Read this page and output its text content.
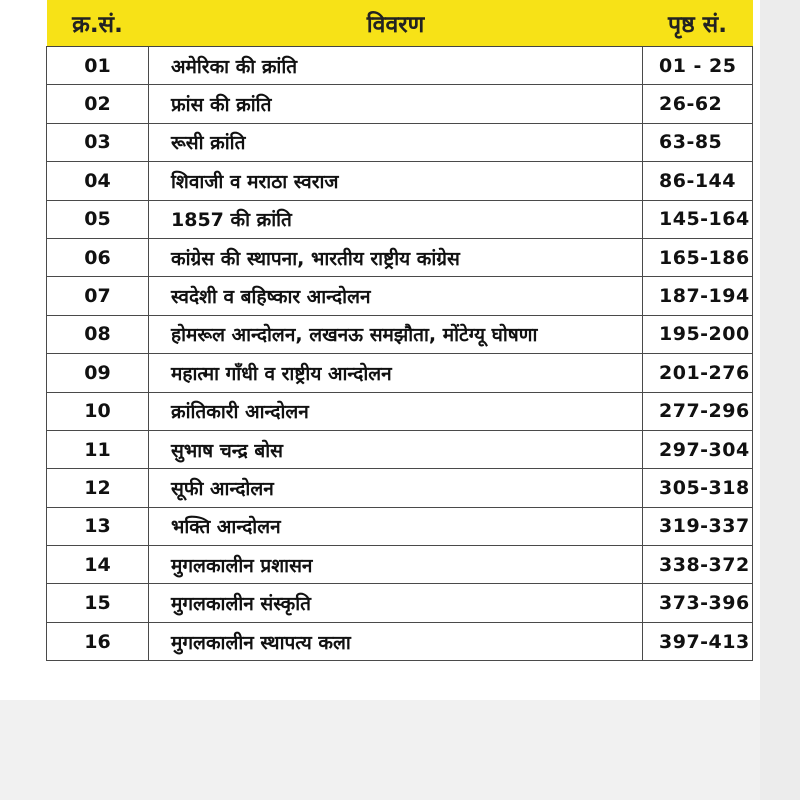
क्र.सं.	विवरण	पृष्ठ सं.
01	अमेरिका की क्रांति	01 - 25
02	फ्रांस की क्रांति	26-62
03	रूसी क्रांति	63-85
04	शिवाजी व मराठा स्वराज	86-144
05	1857 की क्रांति	145-164
06	कांग्रेस की स्थापना, भारतीय राष्ट्रीय कांग्रेस	165-186
07	स्वदेशी व बहिष्कार आन्दोलन	187-194
08	होमरूल आन्दोलन, लखनऊ समझौता, मोंटेग्यू घोषणा	195-200
09	महात्मा गाँधी व राष्ट्रीय आन्दोलन	201-276
10	क्रांतिकारी आन्दोलन	277-296
11	सुभाष चन्द्र बोस	297-304
12	सूफी आन्दोलन	305-318
13	भक्ति आन्दोलन	319-337
14	मुगलकालीन प्रशासन	338-372
15	मुगलकालीन संस्कृति	373-396
16	मुगलकालीन स्थापत्य कला	397-413
